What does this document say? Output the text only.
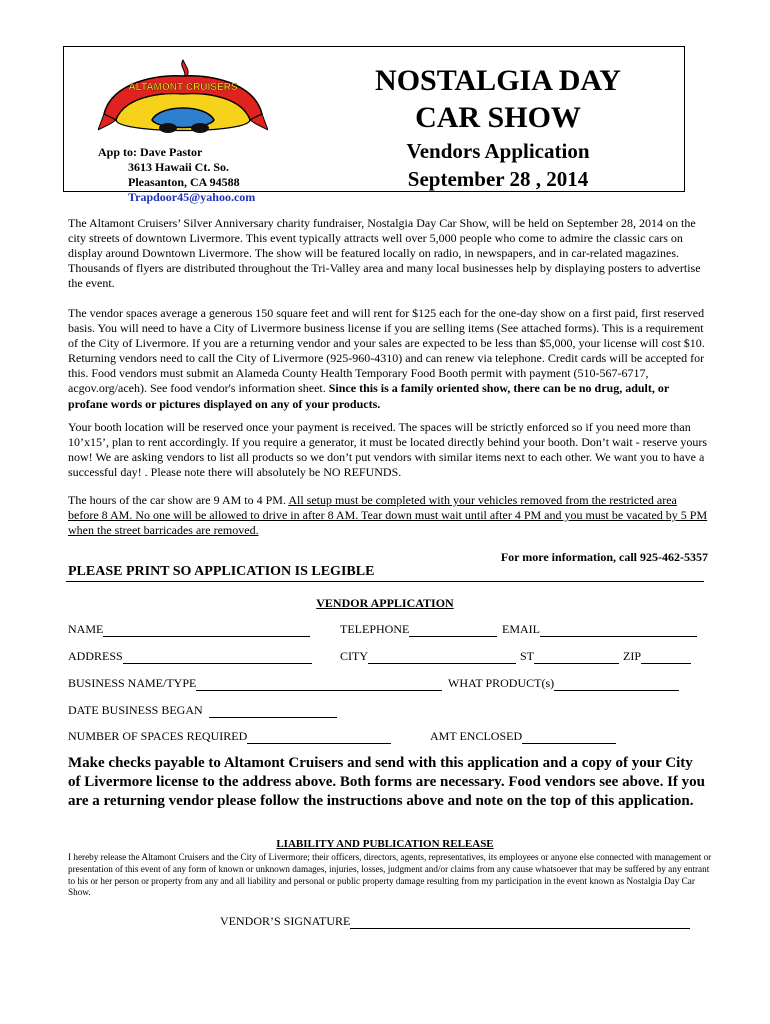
ALTAMONT CRUISERS
App to: Dave Pastor
3613 Hawaii Ct. So.
Pleasanton, CA 94588
Trapdoor45@yahoo.com
NOSTALGIA DAY
CAR SHOW
Vendors Application
September 28 , 2014
The Altamont Cruisers’ Silver Anniversary charity fundraiser, Nostalgia Day Car Show, will be held on September 28, 2014 on the city streets of downtown Livermore. This event typically attracts well over 5,000 people who come to admire the classic cars on display around Downtown Livermore. The show will be featured locally on radio, in newspapers, and in car-related magazines. Thousands of flyers are distributed throughout the Tri-Valley area and many local businesses help by displaying posters to advertise the event.
The vendor spaces average a generous 150 square feet and will rent for $125 each for the one-day show on a first paid, first reserved basis. You will need to have a City of Livermore business license if you are selling items (See attached forms). This is a requirement of the City of Livermore. If you are a returning vendor and your sales are expected to be less than $5,000, your license will cost $10. Returning vendors need to call the City of Livermore (925-960-4310) and can renew via telephone. Credit cards will be accepted for this. Food vendors must submit an Alameda County Health Temporary Food Booth permit with payment (510-567-6717, acgov.org/aceh). See food vendor's information sheet. Since this is a family oriented show, there can be no drug, adult, or profane words or pictures displayed on any of your products.
Your booth location will be reserved once your payment is received. The spaces will be strictly enforced so if you need more than 10’x15’, plan to rent accordingly. If you require a generator, it must be located directly behind your booth. Don’t wait - reserve yours now! We are asking vendors to list all products so we don’t put vendors with similar items next to each other. We want you to have a successful day! . Please note there will absolutely be NO REFUNDS.
The hours of the car show are 9 AM to 4 PM. All setup must be completed with your vehicles removed from the restricted area before 8 AM. No one will be allowed to drive in after 8 AM. Tear down must wait until after 4 PM and you must be vacated by 5 PM when the street barricades are removed.
For more information, call 925-462-5357
PLEASE PRINT SO APPLICATION IS LEGIBLE
VENDOR APPLICATION
NAME	TELEPHONE	EMAIL
ADDRESS	CITY	ST	ZIP
BUSINESS NAME/TYPE	WHAT PRODUCT(s)
DATE BUSINESS BEGAN
NUMBER OF SPACES REQUIRED	AMT ENCLOSED
Make checks payable to Altamont Cruisers and send with this application and a copy of your City of Livermore license to the address above. Both forms are necessary. Food vendors see above. If you are a returning vendor please follow the instructions above and note on the top of this application.
LIABILITY AND PUBLICATION RELEASE
I hereby release the Altamont Cruisers and the City of Livermore; their officers, directors, agents, representatives, its employees or anyone else connected with management or presentation of this event of any form of known or unknown damages, injuries, losses, judgment and/or claims from any cause whatsoever that may be suffered by any entrant to his or her person or property from any and all liability and personal or public property damage resulting from my participation in the event known as Nostalgia Day Car Show.
VENDOR’S SIGNATURE
